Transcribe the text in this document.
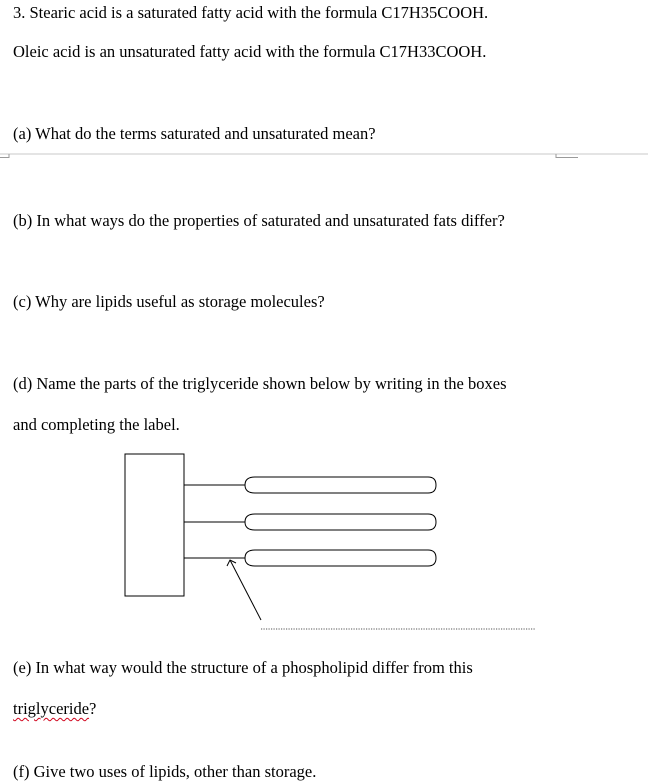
3. Stearic acid is a saturated fatty acid with the formula C17H35COOH.
Oleic acid is an unsaturated fatty acid with the formula C17H33COOH.
(a) What do the terms saturated and unsaturated mean?
(b) In what ways do the properties of saturated and unsaturated fats differ?
(c) Why are lipids useful as storage molecules?
(d) Name the parts of the triglyceride shown below by writing in the boxes
and completing the label.
(e) In what way would the structure of a phospholipid differ from this
triglyceride?
(f) Give two uses of lipids, other than storage.
